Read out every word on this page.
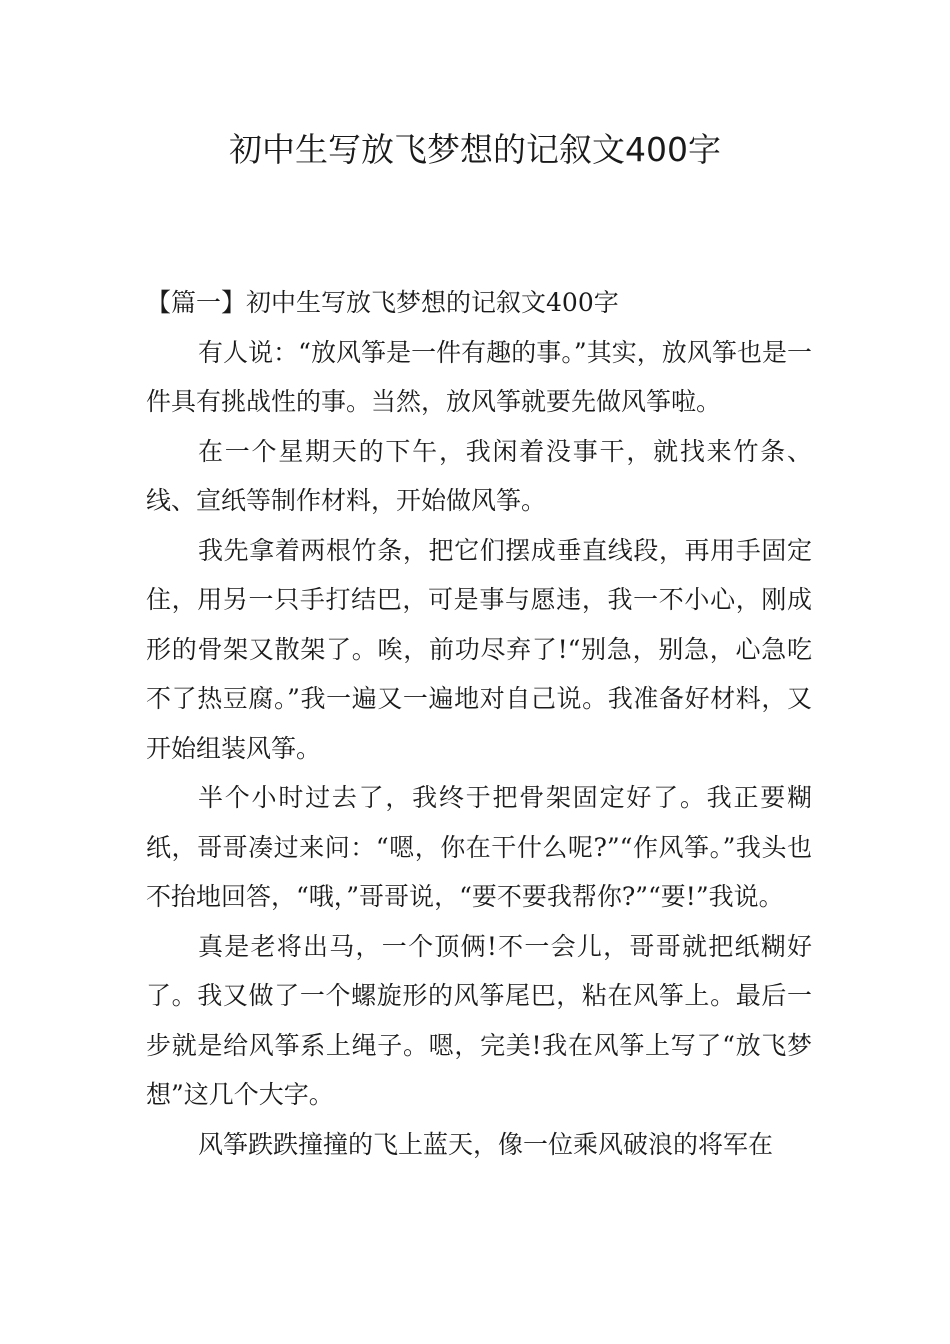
初中生写放飞梦想的记叙文400字

【篇一】初中生写放飞梦想的记叙文400字

有人说：“放风筝是一件有趣的事。”其实，放风筝也是一件具有挑战性的事。当然，放风筝就要先做风筝啦。

在一个星期天的下午，我闲着没事干，就找来竹条、线、宣纸等制作材料，开始做风筝。

我先拿着两根竹条，把它们摆成垂直线段，再用手固定住，用另一只手打结巴，可是事与愿违，我一不小心，刚成形的骨架又散架了。唉，前功尽弃了!“别急，别急，心急吃不了热豆腐。”我一遍又一遍地对自己说。我准备好材料，又开始组装风筝。

半个小时过去了，我终于把骨架固定好了。我正要糊纸，哥哥凑过来问：“嗯，你在干什么呢?”“作风筝。”我头也不抬地回答，“哦，”哥哥说，“要不要我帮你?”“要!”我说。

真是老将出马，一个顶俩!不一会儿，哥哥就把纸糊好了。我又做了一个螺旋形的风筝尾巴，粘在风筝上。最后一步就是给风筝系上绳子。嗯，完美!我在风筝上写了“放飞梦想”这几个大字。

风筝跌跌撞撞的飞上蓝天，像一位乘风破浪的将军在
